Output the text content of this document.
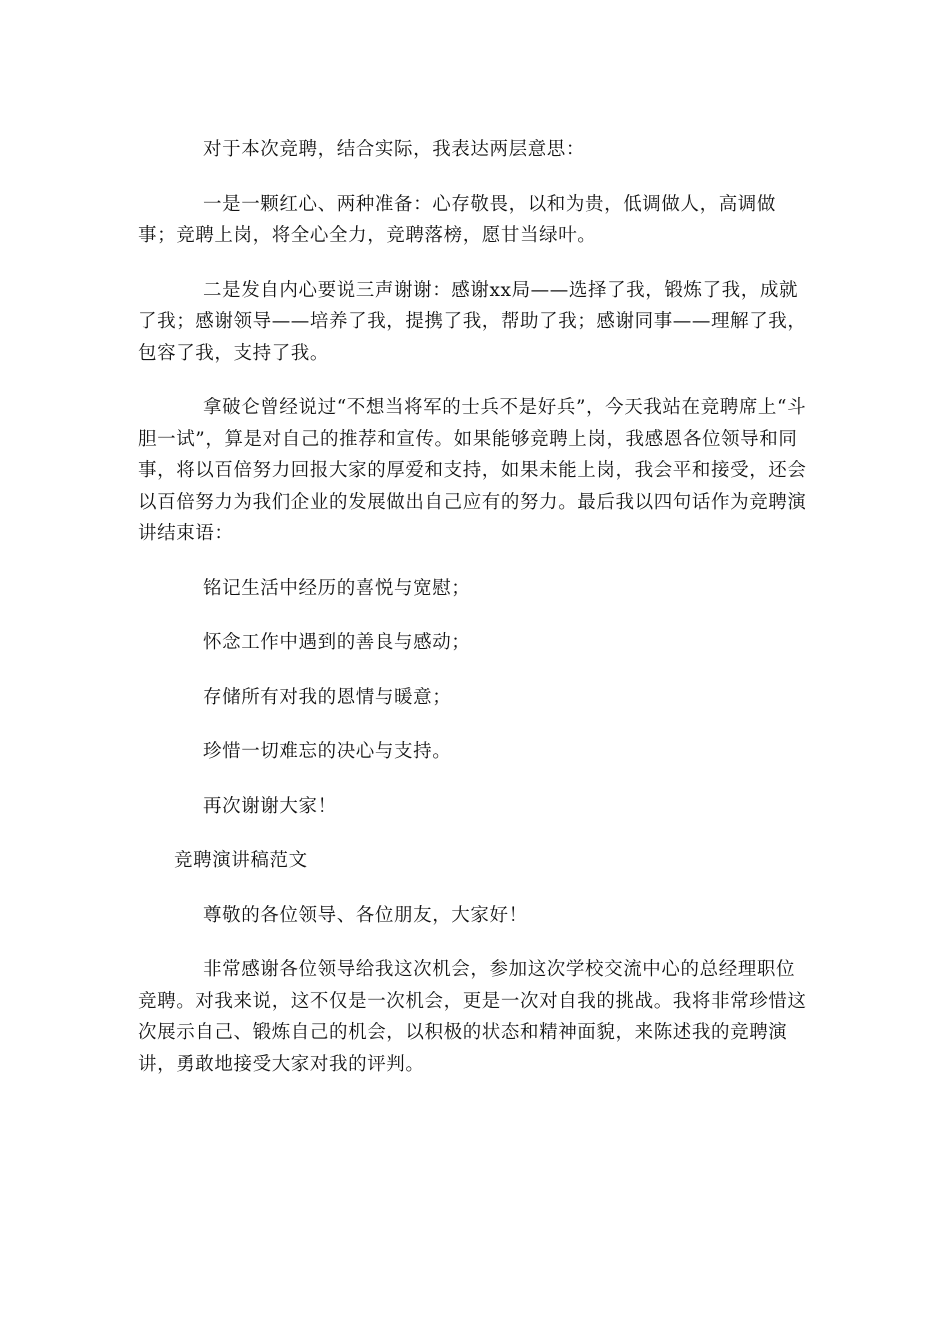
对于本次竞聘，结合实际，我表达两层意思：

一是一颗红心、两种准备：心存敬畏，以和为贵，低调做人，高调做事；竞聘上岗，将全心全力，竞聘落榜，愿甘当绿叶。

二是发自内心要说三声谢谢：感谢xx局——选择了我，锻炼了我，成就了我；感谢领导——培养了我，提携了我，帮助了我；感谢同事——理解了我，包容了我，支持了我。

拿破仑曾经说过“不想当将军的士兵不是好兵”，今天我站在竞聘席上“斗胆一试”，算是对自己的推荐和宣传。如果能够竞聘上岗，我感恩各位领导和同事，将以百倍努力回报大家的厚爱和支持，如果未能上岗，我会平和接受，还会以百倍努力为我们企业的发展做出自己应有的努力。最后我以四句话作为竞聘演讲结束语：

铭记生活中经历的喜悦与宽慰；

怀念工作中遇到的善良与感动；

存储所有对我的恩情与暖意；

珍惜一切难忘的决心与支持。

再次谢谢大家！

竞聘演讲稿范文

尊敬的各位领导、各位朋友，大家好！

非常感谢各位领导给我这次机会，参加这次学校交流中心的总经理职位竞聘。对我来说，这不仅是一次机会，更是一次对自我的挑战。我将非常珍惜这次展示自己、锻炼自己的机会，以积极的状态和精神面貌，来陈述我的竞聘演讲，勇敢地接受大家对我的评判。
